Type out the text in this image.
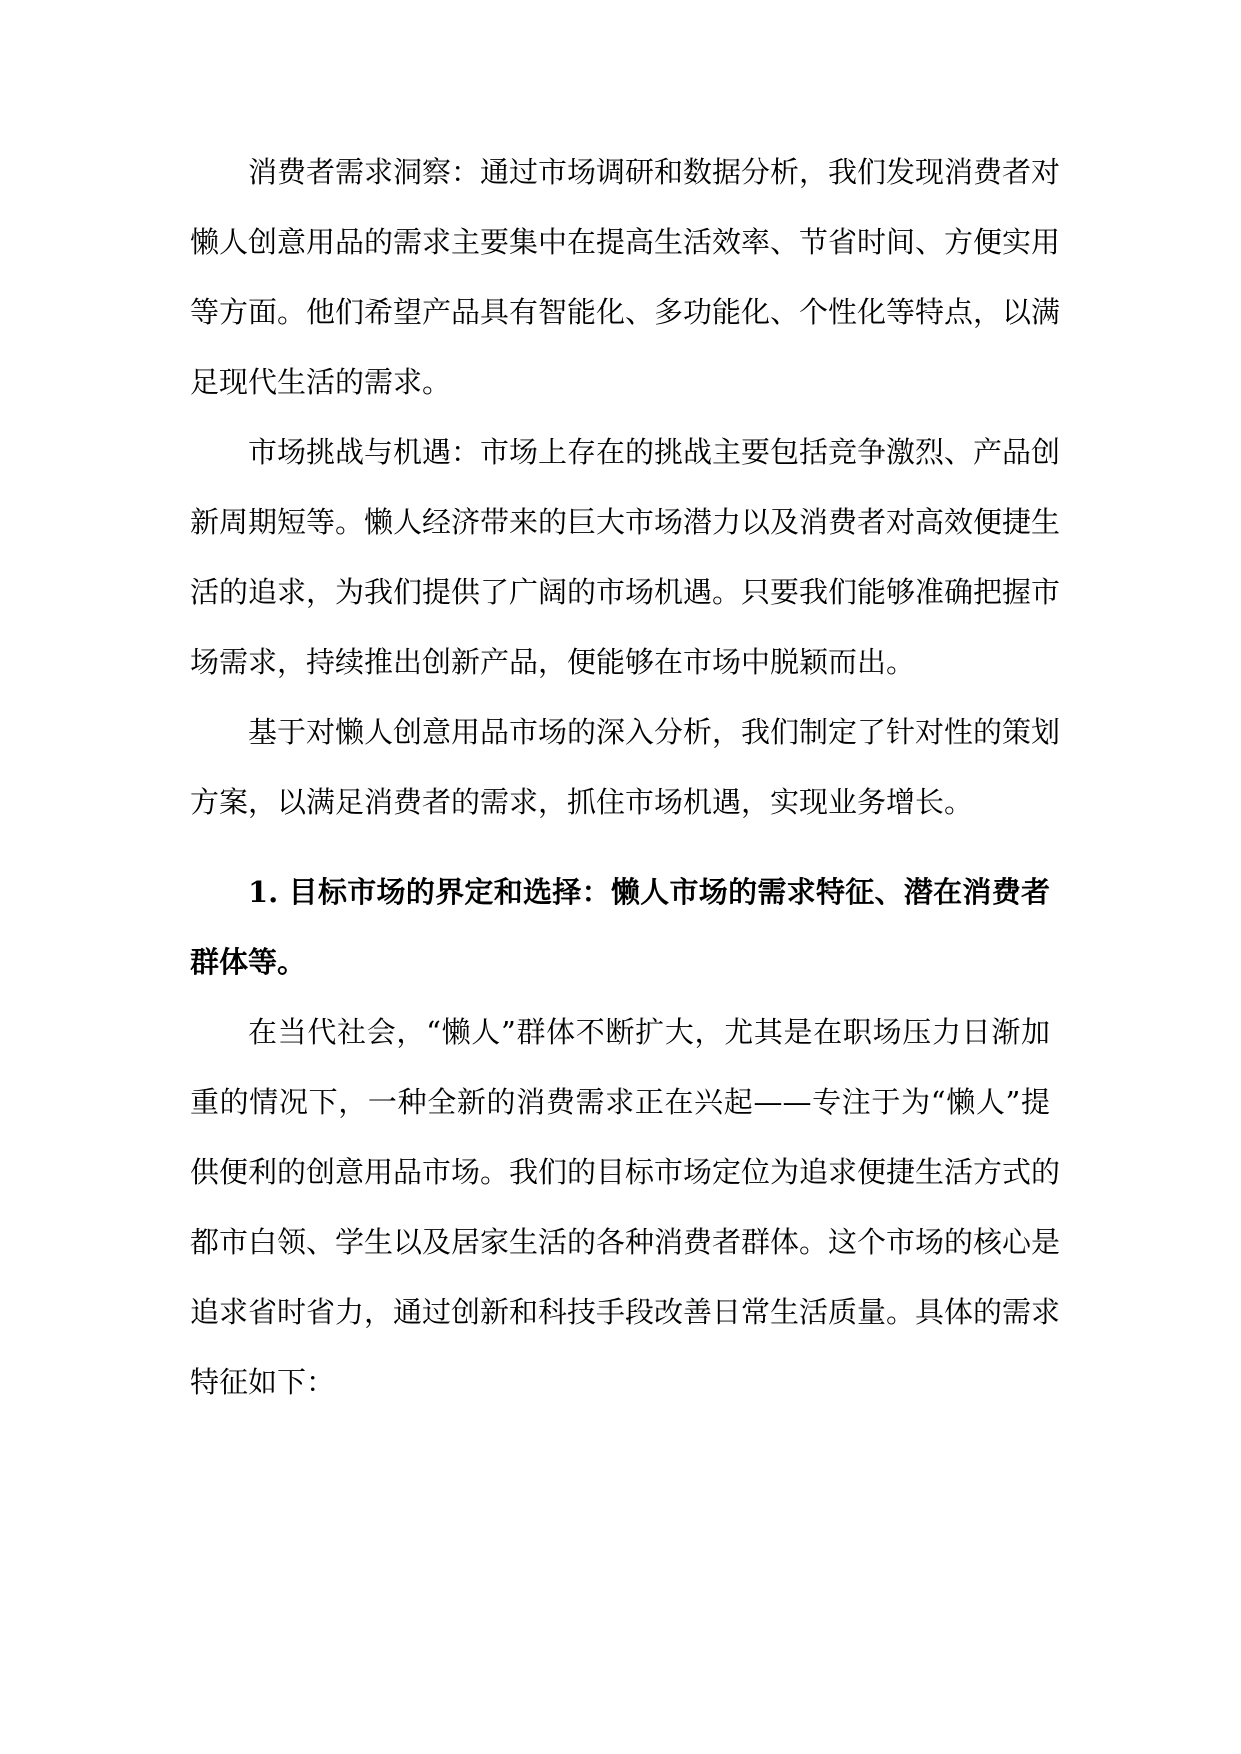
消费者需求洞察：通过市场调研和数据分析，我们发现消费者对
懒人创意用品的需求主要集中在提高生活效率、节省时间、方便实用
等方面。他们希望产品具有智能化、多功能化、个性化等特点，以满
足现代生活的需求。
市场挑战与机遇：市场上存在的挑战主要包括竞争激烈、产品创
新周期短等。懒人经济带来的巨大市场潜力以及消费者对高效便捷生
活的追求，为我们提供了广阔的市场机遇。只要我们能够准确把握市
场需求，持续推出创新产品，便能够在市场中脱颖而出。
基于对懒人创意用品市场的深入分析，我们制定了针对性的策划
方案，以满足消费者的需求，抓住市场机遇，实现业务增长。
1. 目标市场的界定和选择：懒人市场的需求特征、潜在消费者
群体等。
在当代社会，“懒人”群体不断扩大，尤其是在职场压力日渐加
重的情况下，一种全新的消费需求正在兴起——专注于为“懒人”提
供便利的创意用品市场。我们的目标市场定位为追求便捷生活方式的
都市白领、学生以及居家生活的各种消费者群体。这个市场的核心是
追求省时省力，通过创新和科技手段改善日常生活质量。具体的需求
特征如下：
